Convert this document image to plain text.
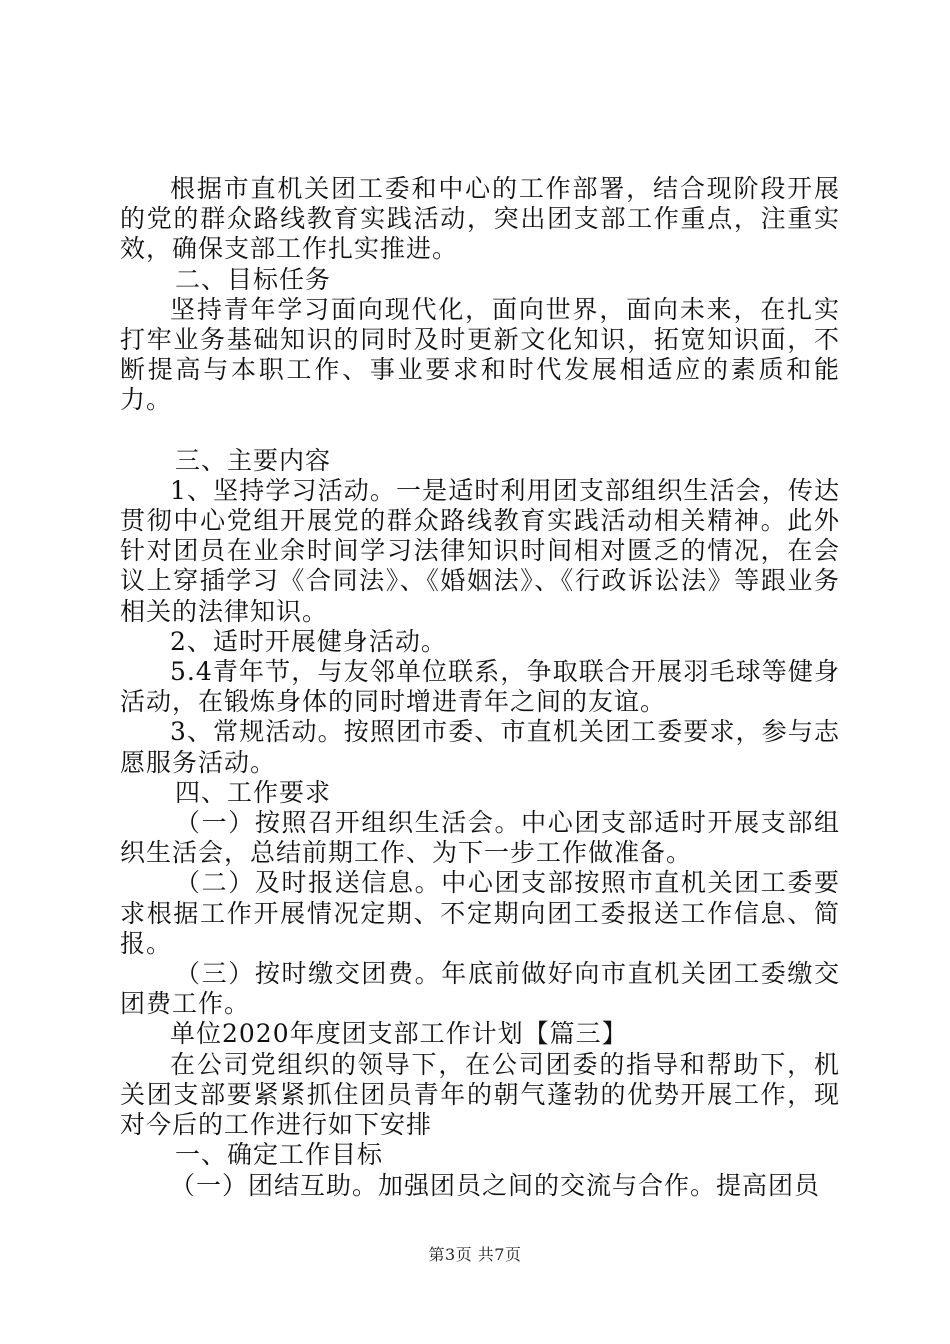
根据市直机关团工委和中心的工作部署，结合现阶段开展的党的群众路线教育实践活动，突出团支部工作重点，注重实效，确保支部工作扎实推进。

二、目标任务

坚持青年学习面向现代化，面向世界，面向未来，在扎实打牢业务基础知识的同时及时更新文化知识，拓宽知识面，不断提高与本职工作、事业要求和时代发展相适应的素质和能力。

三、主要内容

1、坚持学习活动。一是适时利用团支部组织生活会，传达贯彻中心党组开展党的群众路线教育实践活动相关精神。此外针对团员在业余时间学习法律知识时间相对匮乏的情况，在会议上穿插学习《合同法》、《婚姻法》、《行政诉讼法》等跟业务相关的法律知识。

2、适时开展健身活动。

5.4青年节，与友邻单位联系，争取联合开展羽毛球等健身活动，在锻炼身体的同时增进青年之间的友谊。

3、常规活动。按照团市委、市直机关团工委要求，参与志愿服务活动。

四、工作要求

（一）按照召开组织生活会。中心团支部适时开展支部组织生活会，总结前期工作、为下一步工作做准备。

（二）及时报送信息。中心团支部按照市直机关团工委要求根据工作开展情况定期、不定期向团工委报送工作信息、简报。

（三）按时缴交团费。年底前做好向市直机关团工委缴交团费工作。

单位2020年度团支部工作计划【篇三】

在公司党组织的领导下，在公司团委的指导和帮助下，机关团支部要紧紧抓住团员青年的朝气蓬勃的优势开展工作，现对今后的工作进行如下安排

一、确定工作目标

（一）团结互助。加强团员之间的交流与合作。提高团员

第3页 共7页
